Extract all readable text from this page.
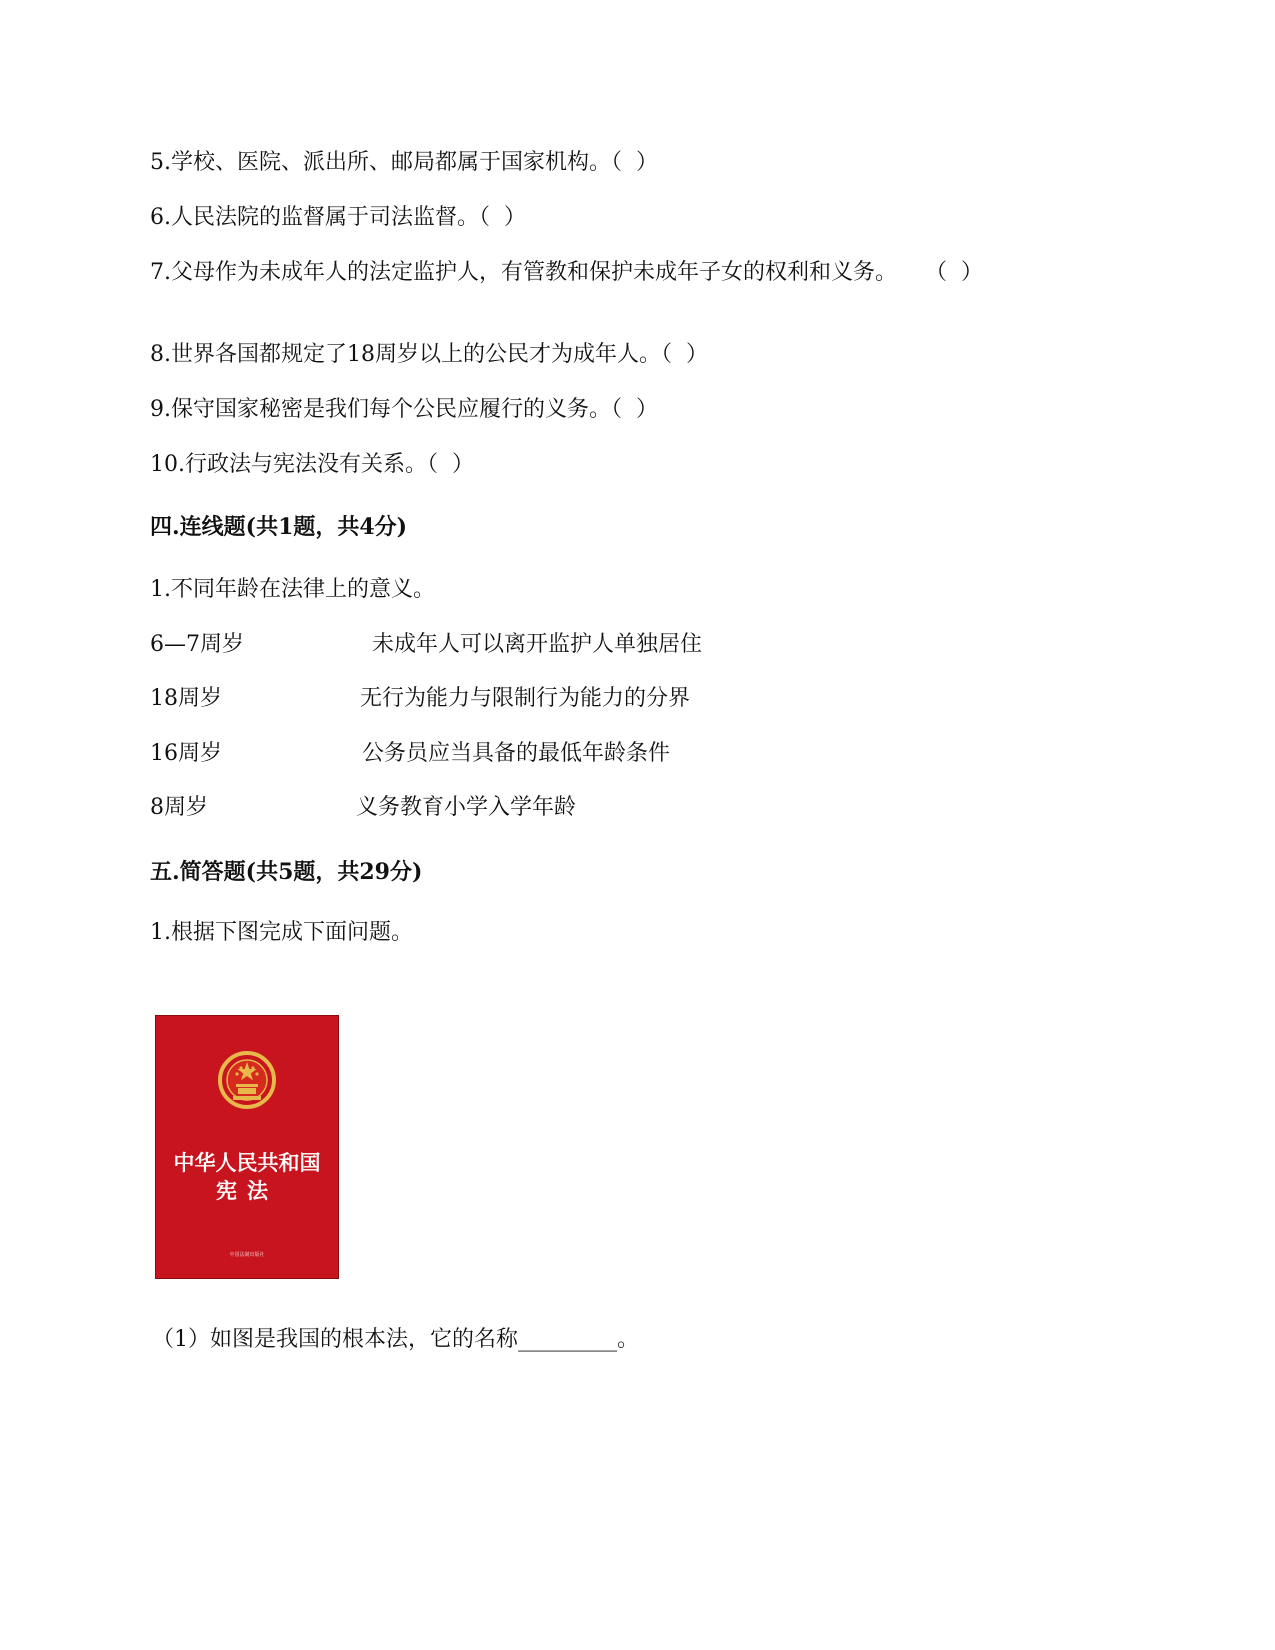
5.学校、医院、派出所、邮局都属于国家机构。（  ）
6.人民法院的监督属于司法监督。（  ）
7.父母作为未成年人的法定监护人，有管教和保护未成年子女的权利和义务。    （  ）
8.世界各国都规定了18周岁以上的公民才为成年人。（  ）
9.保守国家秘密是我们每个公民应履行的义务。（  ）
10.行政法与宪法没有关系。（  ）
四.连线题(共1题，共4分)
1.不同年龄在法律上的意义。
6—7周岁	未成年人可以离开监护人单独居住
18周岁	无行为能力与限制行为能力的分界
16周岁	公务员应当具备的最低年龄条件
8周岁	义务教育小学入学年龄
五.简答题(共5题，共29分)
1.根据下图完成下面问题。
中华人民共和国
宪法
中国法制出版社
（1）如图是我国的根本法，它的名称_________。
